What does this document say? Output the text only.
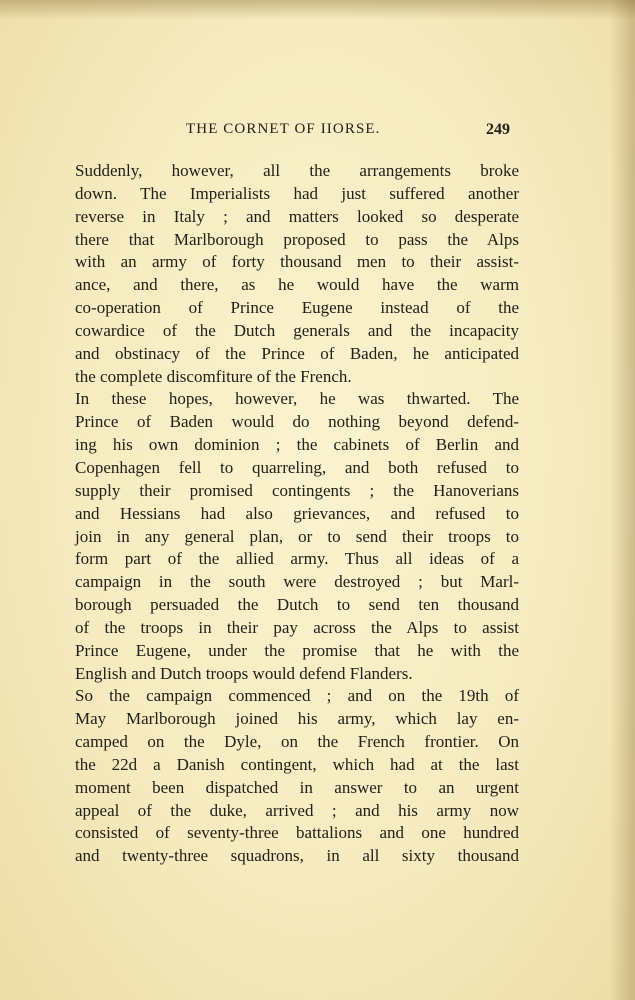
THE CORNET OF IIORSE.	249
Suddenly, however, all the arrangements broke
down. The Imperialists had just suffered another
reverse in Italy ; and matters looked so desperate
there that Marlborough proposed to pass the Alps
with an army of forty thousand men to their assist-
ance, and there, as he would have the warm
co-operation of Prince Eugene instead of the
cowardice of the Dutch generals and the incapacity
and obstinacy of the Prince of Baden, he anticipated
the complete discomfiture of the French.
In these hopes, however, he was thwarted. The
Prince of Baden would do nothing beyond defend-
ing his own dominion ; the cabinets of Berlin and
Copenhagen fell to quarreling, and both refused to
supply their promised contingents ; the Hanoverians
and Hessians had also grievances, and refused to
join in any general plan, or to send their troops to
form part of the allied army. Thus all ideas of a
campaign in the south were destroyed ; but Marl-
borough persuaded the Dutch to send ten thousand
of the troops in their pay across the Alps to assist
Prince Eugene, under the promise that he with the
English and Dutch troops would defend Flanders.
So the campaign commenced ; and on the 19th of
May Marlborough joined his army, which lay en-
camped on the Dyle, on the French frontier. On
the 22d a Danish contingent, which had at the last
moment been dispatched in answer to an urgent
appeal of the duke, arrived ; and his army now
consisted of seventy-three battalions and one hundred
and twenty-three squadrons, in all sixty thousand
